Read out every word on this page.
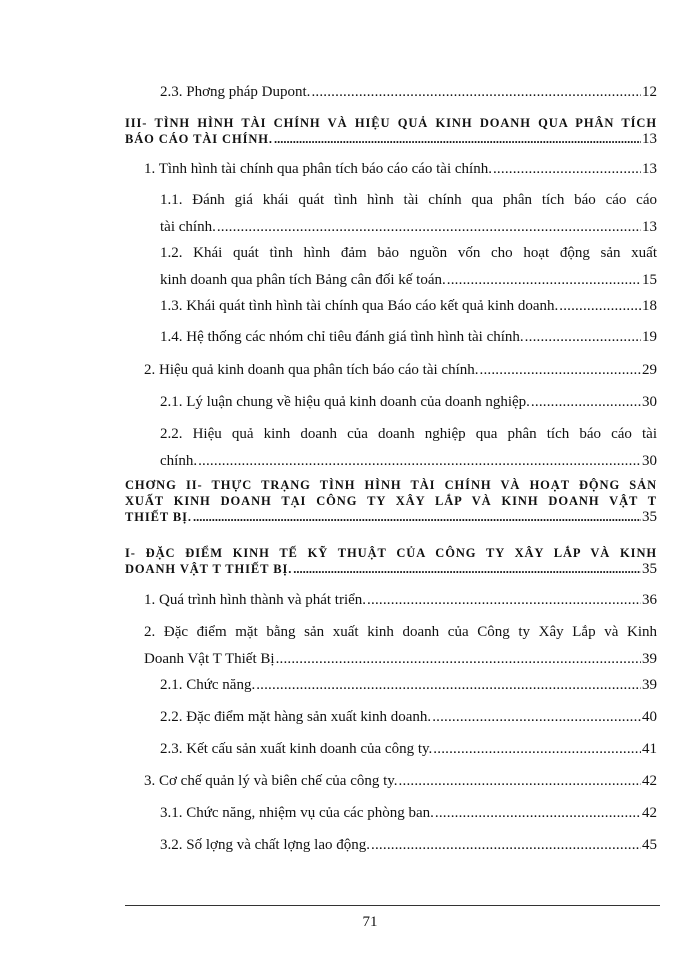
2.3. Phơng pháp Dupont. .....	12
III- TÌNH HÌNH TÀI CHÍNH VÀ HIỆU QUẢ KINH DOANH QUA PHÂN TÍCH
BÁO CÁO TÀI CHÍNH. .....	13
1. Tình hình tài chính qua phân tích báo cáo cáo tài chính. .....	13
1.1. Đánh giá khái quát tình hình tài chính qua phân tích báo cáo cáo
tài chính. .....	13
1.2. Khái quát tình hình đảm bảo nguồn vốn cho hoạt động sản xuất
kinh doanh qua phân tích Bảng cân đối kế toán. .....	15
1.3. Khái quát tình hình tài chính qua Báo cáo kết quả kinh doanh. .....	18
1.4. Hệ thống các nhóm chỉ tiêu đánh giá tình hình tài chính. .....	19
2. Hiệu quả kinh doanh qua phân tích báo cáo tài chính. .....	29
2.1. Lý luận chung về hiệu quả kinh doanh của doanh nghiệp. .....	30
2.2. Hiệu quả kinh doanh của doanh nghiệp qua phân tích báo cáo tài
chính. .....	30
CHƠNG II- THỰC TRẠNG TÌNH HÌNH TÀI CHÍNH VÀ HOẠT ĐỘNG SẢN
XUẤT KINH DOANH TẠI CÔNG TY XÂY LẮP VÀ KINH DOANH VẬT T
THIẾT BỊ. .....	35
I- ĐẶC ĐIỂM KINH TẾ KỸ THUẬT CỦA CÔNG TY XÂY LẮP VÀ KINH
DOANH VẬT T THIẾT BỊ. .....	35
1. Quá trình hình thành và phát triển. .....	36
2. Đặc điểm mặt bằng sản xuất kinh doanh của Công ty Xây Lắp và Kinh
Doanh Vật T Thiết Bị .....	39
2.1. Chức năng. .....	39
2.2. Đặc điểm mặt hàng sản xuất kinh doanh. .....	40
2.3. Kết cấu sản xuất kinh doanh của công ty. .....	41
3. Cơ chế quản lý và biên chế của công ty. .....	42
3.1. Chức năng, nhiệm vụ của các phòng ban. .....	42
3.2. Số lợng và chất lợng lao động. .....	45
71
